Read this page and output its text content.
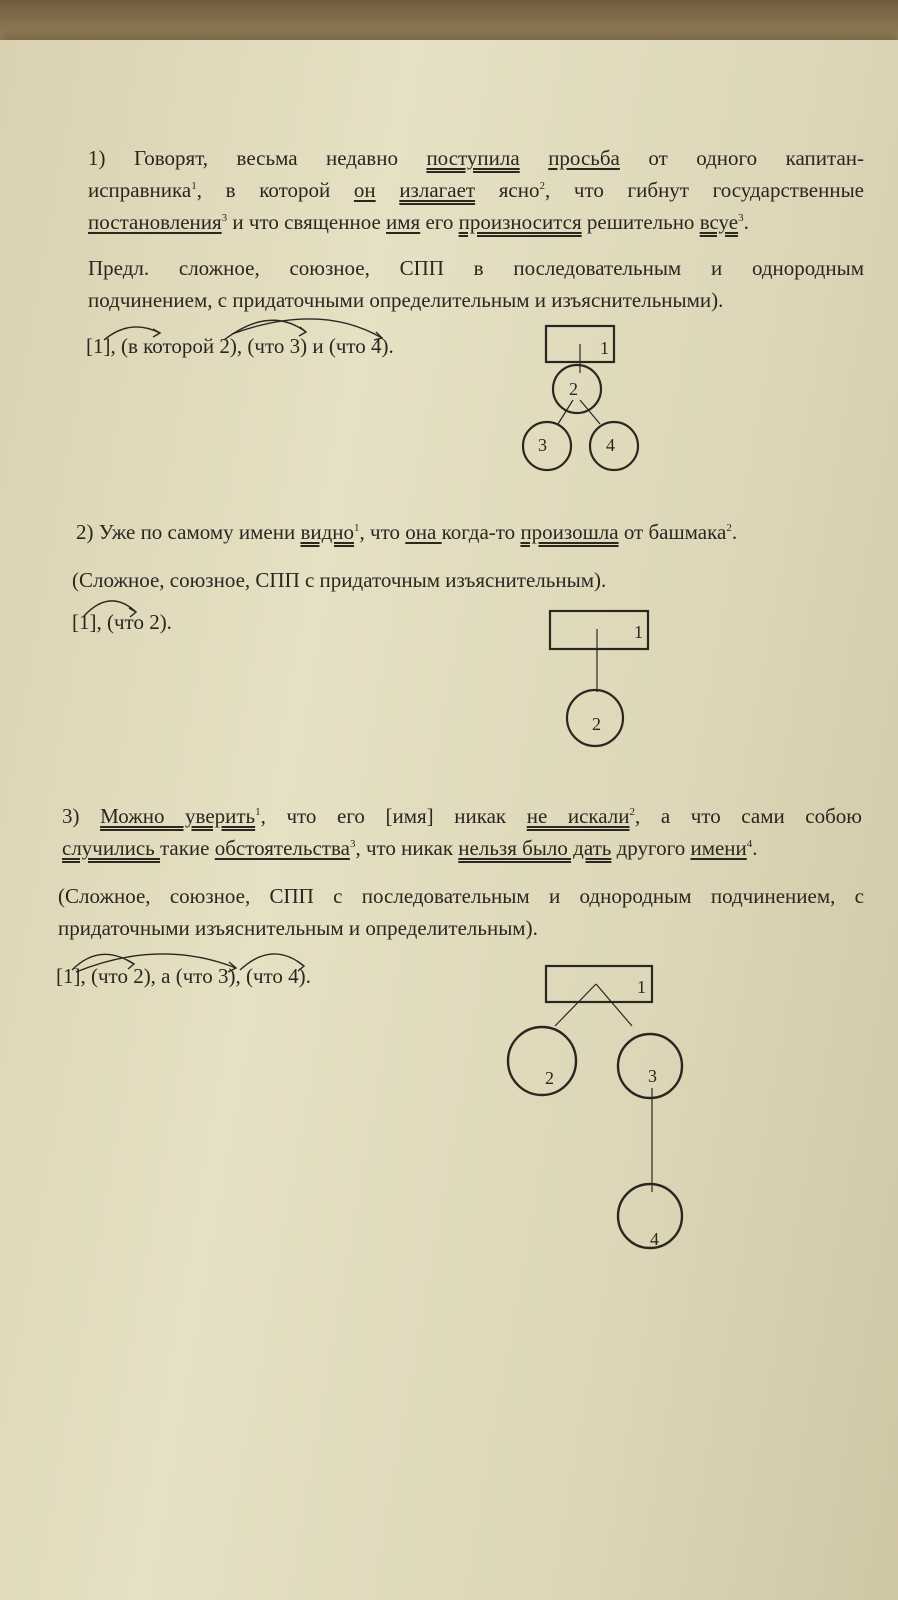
1) Говорят, весьма недавно поступила просьба от одного капитан-
исправника$^1$, в которой он излагает ясно$^2$, что гибнут государственные
постановления$^3$ и что священное имя его произносится решительно всуе$^3$.
Предл. сложное, союзное, СПП в последовательным и однородным
подчинением, с придаточными определительным и изъяснительными).
[1], (в которой 2), (что 3) и (что 4).	1
2
3	4
2) Уже по самому имени видно$^1$, что она когда-то произошла от башмака$^2$.
(Сложное, союзное, СПП с придаточным изъяснительным).
[1], (что 2).	1
2
3) Можно уверить$^1$, что его [имя] никак не искали$^2$, а что сами собою
случились такие обстоятельства$^3$, что никак нельзя было дать другого имени$^4$.
(Сложное, союзное, СПП с последовательным и однородным подчинением, с
придаточными изъяснительным и определительным).
[1], (что 2), а (что 3), (что 4).	1
2	3
4
